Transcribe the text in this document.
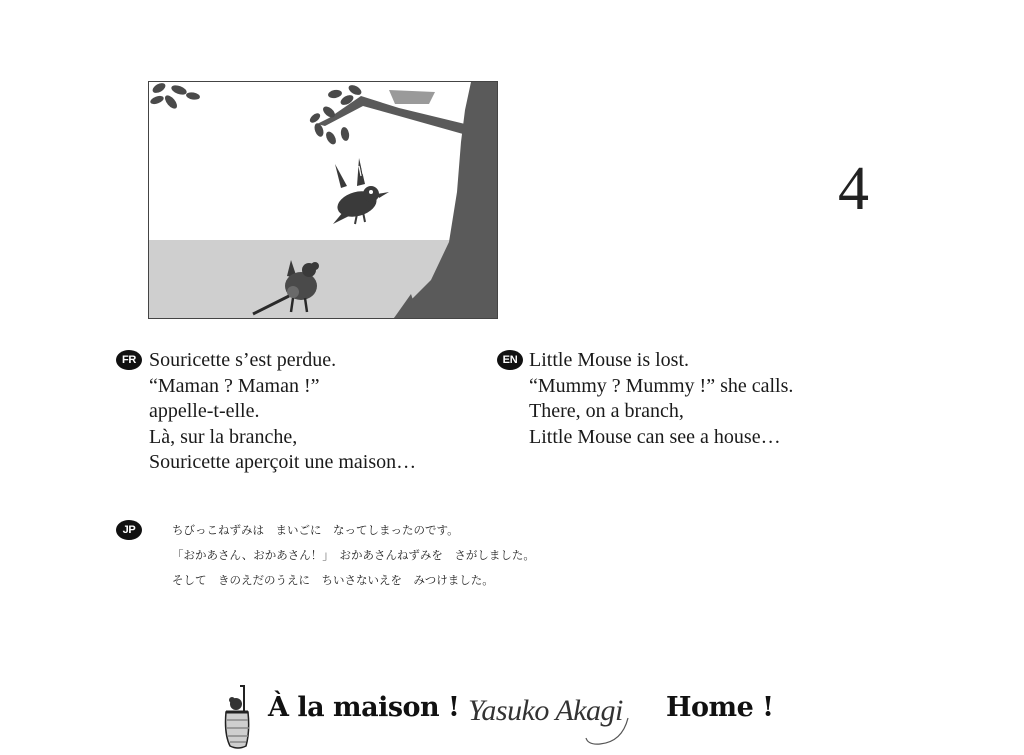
4
FR Souricette s’est perdue.
“Maman ? Maman !”
appelle-t-elle.
Là, sur la branche,
Souricette aperçoit une maison…
EN Little Mouse is lost.
“Mummy ? Mummy !” she calls.
There, on a branch,
Little Mouse can see a house…
JP	ちびっこねずみは　まいごに　なってしまったのです。
「おかあさん、おかあさん！」　おかあさんねずみを　さがしました。
そして　きのえだのうえに　ちいさないえを　みつけました。
À la maison ! Yasuko Akagi Home !
